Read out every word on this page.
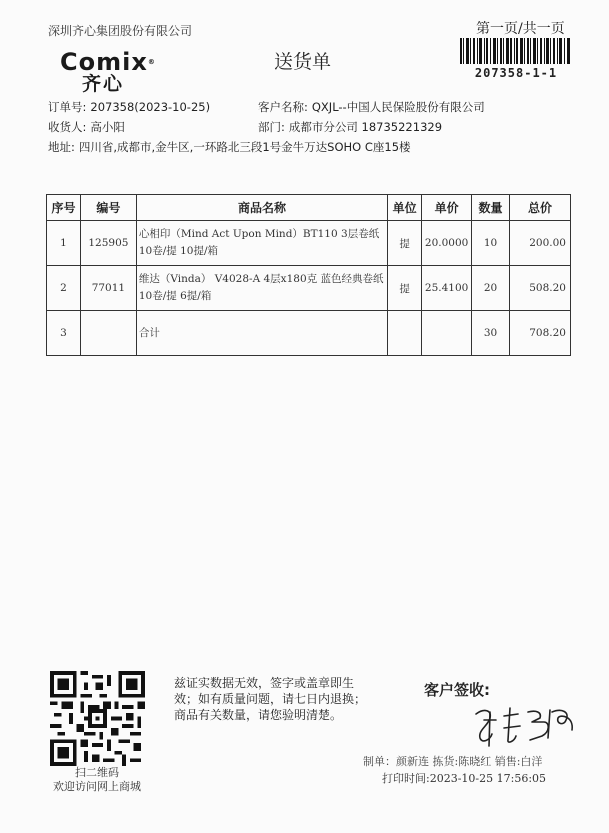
深圳齐心集团股份有限公司	第一页/共一页
207358-1-1
Comix®
齐心
送货单
订单号: 207358(2023-10-25)	客户名称: QXJL--中国人民保险股份有限公司
收货人: 高小阳	部门: 成都市分公司 18735221329
地址: 四川省,成都市,金牛区,一环路北三段1号金牛万达SOHO C座15楼
序号	编号	商品名称	单位	单价	数量	总价
1	125905	心相印（Mind Act Upon Mind）BT110 3层卷纸
10卷/提 10提/箱	提	20.0000	10	200.00
2	77011	维达（Vinda） V4028-A 4层x180克 蓝色经典卷纸
10卷/提 6提/箱	提	25.4100	20	508.20
3		合计			30	708.20
扫二维码
欢迎访问网上商城
兹证实数据无效，签字或盖章即生
效；如有质量问题，请七日内退换；
商品有关数量，请您验明清楚。
客户签收:
制单：颜新连 拣货:陈晓红 销售:白洋
打印时间:2023-10-25 17:56:05
